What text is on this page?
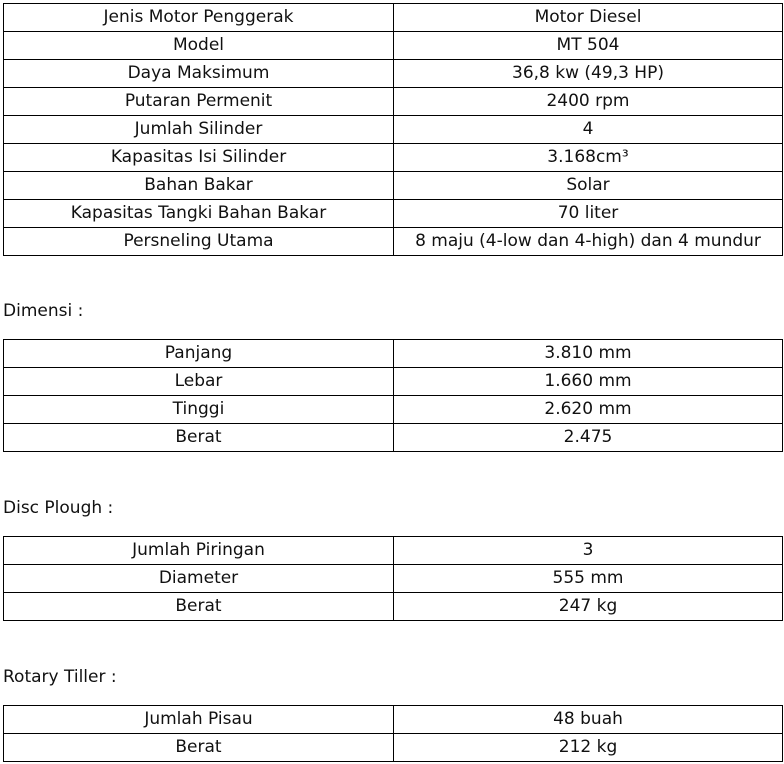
Jenis Motor Penggerak	Motor Diesel
Model	MT 504
Daya Maksimum	36,8 kw (49,3 HP)
Putaran Permenit	2400 rpm
Jumlah Silinder	4
Kapasitas Isi Silinder	3.168cm³
Bahan Bakar	Solar
Kapasitas Tangki Bahan Bakar	70 liter
Persneling Utama	8 maju (4-low dan 4-high) dan 4 mundur
Dimensi :
Panjang	3.810 mm
Lebar	1.660 mm
Tinggi	2.620 mm
Berat	2.475
Disc Plough :
Jumlah Piringan	3
Diameter	555 mm
Berat	247 kg
Rotary Tiller :
Jumlah Pisau	48 buah
Berat	212 kg
